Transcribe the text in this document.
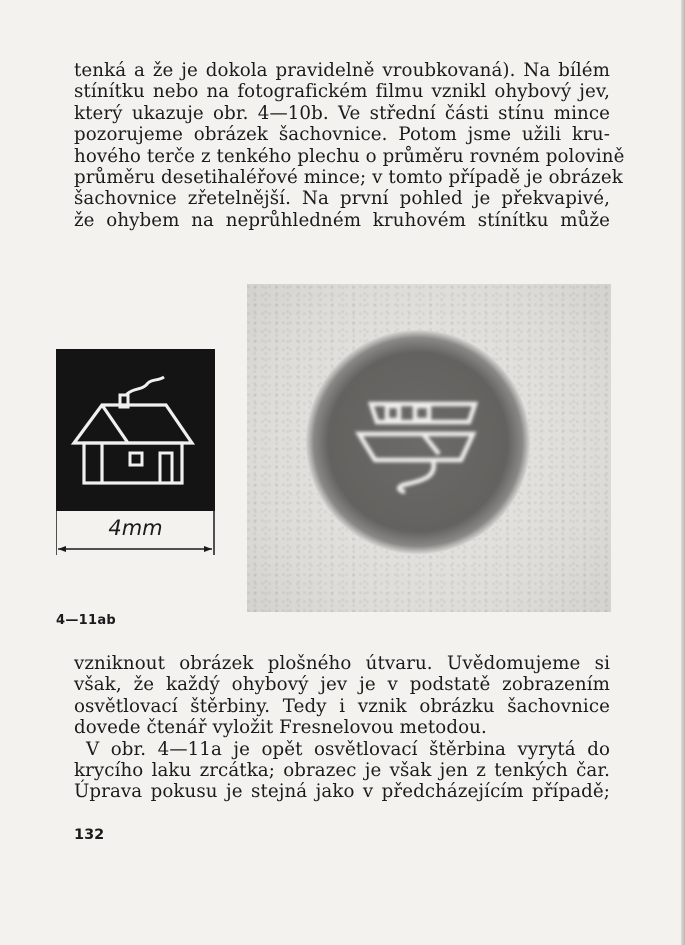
tenká a že je dokola pravidelně vroubkovaná). Na bílém
stínítku nebo na fotografickém filmu vznikl ohybový jev,
který ukazuje obr. 4—10b. Ve střední části stínu mince
pozorujeme obrázek šachovnice. Potom jsme užili kru-
hového terče z tenkého plechu o průměru rovném polovině
průměru desetihaléřové mince; v tomto případě je obrázek
šachovnice zřetelnější. Na první pohled je překvapivé,
že ohybem na neprůhledném kruhovém stínítku může
4mm
4—11ab
vzniknout obrázek plošného útvaru. Uvědomujeme si
však, že každý ohybový jev je v podstatě zobrazením
osvětlovací štěrbiny. Tedy i vznik obrázku šachovnice
dovede čtenář vyložit Fresnelovou metodou.
V obr. 4—11a je opět osvětlovací štěrbina vyrytá do
krycího laku zrcátka; obrazec je však jen z tenkých čar.
Úprava pokusu je stejná jako v předcházejícím případě;
132
